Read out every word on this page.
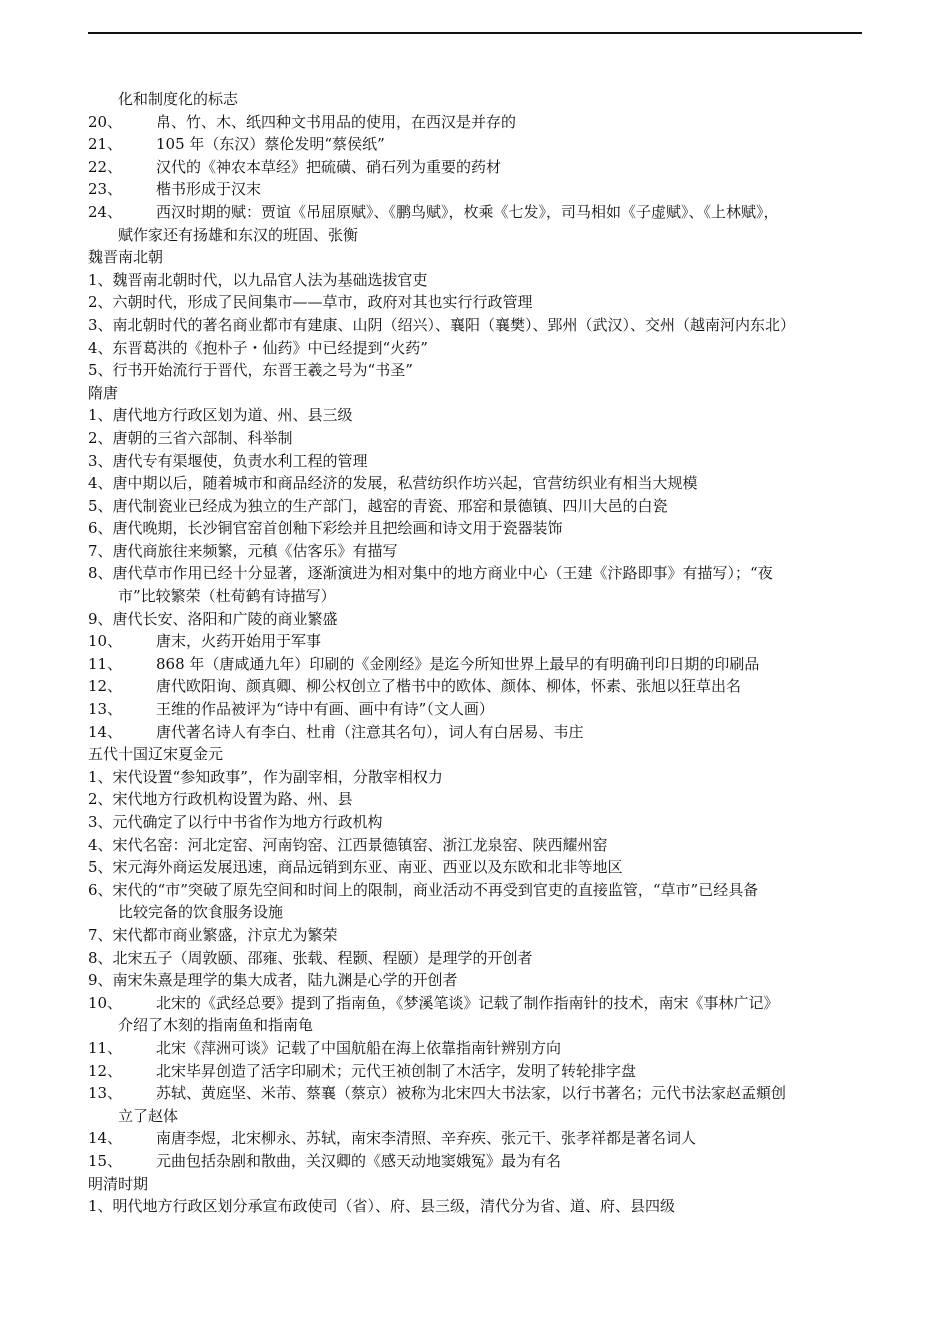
化和制度化的标志
20、	帛、竹、木、纸四种文书用品的使用，在西汉是并存的
21、	105 年（东汉）蔡伦发明“蔡侯纸”
22、	汉代的《神农本草经》把硫磺、硝石列为重要的药材
23、	楷书形成于汉末
24、	西汉时期的赋：贾谊《吊屈原赋》、《鹏鸟赋》，枚乘《七发》，司马相如《子虚赋》、《上林赋》，
赋作家还有扬雄和东汉的班固、张衡
魏晋南北朝
1、 魏晋南北朝时代，以九品官人法为基础选拔官吏
2、 六朝时代，形成了民间集市——草市，政府对其也实行行政管理
3、 南北朝时代的著名商业都市有建康、山阴（绍兴）、襄阳（襄樊）、郢州（武汉）、交州（越南河内东北）
4、 东晋葛洪的《抱朴子・仙药》中已经提到“火药”
5、 行书开始流行于晋代，东晋王羲之号为“书圣”
隋唐
1、 唐代地方行政区划为道、州、县三级
2、 唐朝的三省六部制、科举制
3、 唐代专有渠堰使，负责水利工程的管理
4、 唐中期以后，随着城市和商品经济的发展，私营纺织作坊兴起，官营纺织业有相当大规模
5、 唐代制瓷业已经成为独立的生产部门，越窑的青瓷、邢窑和景德镇、四川大邑的白瓷
6、 唐代晚期，长沙铜官窑首创釉下彩绘并且把绘画和诗文用于瓷器装饰
7、 唐代商旅往来频繁，元稹《估客乐》有描写
8、 唐代草市作用已经十分显著，逐渐演进为相对集中的地方商业中心（王建《汴路即事》有描写）；“夜
市”比较繁荣（杜荀鹤有诗描写）
9、 唐代长安、洛阳和广陵的商业繁盛
10、	唐末，火药开始用于军事
11、	868 年（唐咸通九年）印刷的《金刚经》是迄今所知世界上最早的有明确刊印日期的印刷品
12、	唐代欧阳询、颜真卿、柳公权创立了楷书中的欧体、颜体、柳体，怀素、张旭以狂草出名
13、	王维的作品被评为“诗中有画、画中有诗”（文人画）
14、	唐代著名诗人有李白、杜甫（注意其名句），词人有白居易、韦庄
五代十国辽宋夏金元
1、 宋代设置“参知政事”，作为副宰相，分散宰相权力
2、 宋代地方行政机构设置为路、州、县
3、 元代确定了以行中书省作为地方行政机构
4、 宋代名窑：河北定窑、河南钧窑、江西景德镇窑、浙江龙泉窑、陕西耀州窑
5、 宋元海外商运发展迅速，商品远销到东亚、南亚、西亚以及东欧和北非等地区
6、 宋代的“市”突破了原先空间和时间上的限制，商业活动不再受到官吏的直接监管，“草市”已经具备
比较完备的饮食服务设施
7、 宋代都市商业繁盛，汴京尤为繁荣
8、 北宋五子（周敦颐、邵雍、张载、程颢、程颐）是理学的开创者
9、 南宋朱熹是理学的集大成者，陆九渊是心学的开创者
10、	北宋的《武经总要》提到了指南鱼，《梦溪笔谈》记载了制作指南针的技术，南宋《事林广记》
介绍了木刻的指南鱼和指南龟
11、	北宋《萍洲可谈》记载了中国航船在海上依靠指南针辨别方向
12、	北宋毕昇创造了活字印刷术；元代王祯创制了木活字，发明了转轮排字盘
13、	苏轼、黄庭坚、米芾、蔡襄（蔡京）被称为北宋四大书法家，以行书著名；元代书法家赵孟頫创
立了赵体
14、	南唐李煜，北宋柳永、苏轼，南宋李清照、辛弃疾、张元干、张孝祥都是著名词人
15、	元曲包括杂剧和散曲，关汉卿的《感天动地窦娥冤》最为有名
明清时期
1、 明代地方行政区划分承宣布政使司（省）、府、县三级，清代分为省、道、府、县四级
